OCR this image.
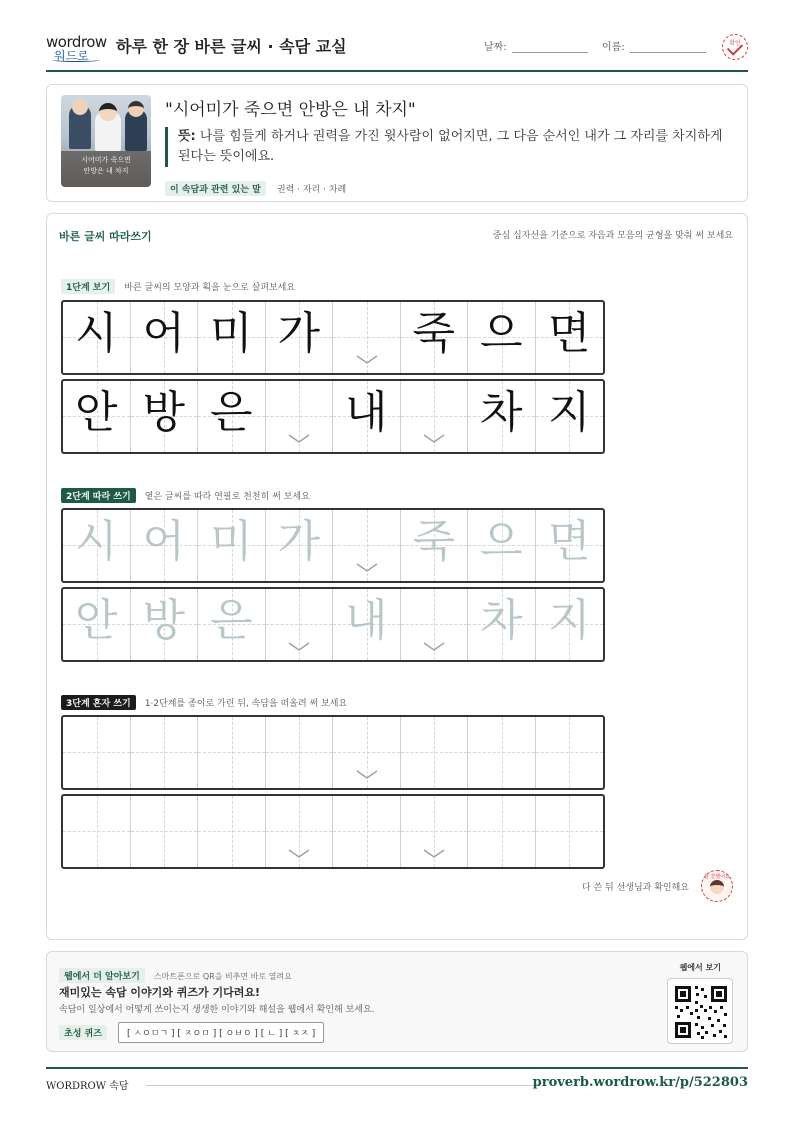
wordrow
워드로 하루 한 장 바른 글씨 · 속담 교실	날짜:	이름:	확인
시어미가 죽으면
안방은 내 차지
"시어미가 죽으면 안방은 내 차지"
뜻: 나를 힘들게 하거나 권력을 가진 윗사람이 없어지면, 그 다음 순서인 내가 그 자리를 차지하게 된다는 뜻이에요.
이 속담과 관련 있는 말 권력 · 자리 · 차례
바른 글씨 따라쓰기	중심 십자선을 기준으로 자음과 모음의 균형을 맞춰 써 보세요
1단계 보기 바른 글씨의 모양과 획을 눈으로 살펴보세요
시 어 미 가 죽 으 면
안 방 은 내 차 지
2단계 따라 쓰기 옅은 글씨를 따라 연필로 천천히 써 보세요
시 어 미 가 죽 으 면
안 방 은 내 차 지
3단계 혼자 쓰기 1·2단계를 종이로 가린 뒤, 속담을 떠올려 써 보세요
다 쓴 뒤 선생님과 확인해요
참 잘했어요
웹에서 더 알아보기 스마트폰으로 QR을 비추면 바로 열려요
재미있는 속담 이야기와 퀴즈가 기다려요!
속담이 일상에서 어떻게 쓰이는지 생생한 이야기와 해설을 웹에서 확인해 보세요.
초성 퀴즈	[ ㅅㅇㅁㄱ ] [ ㅈㅇㅁ ] [ ㅇㅂㅇ ] [ ㄴ ] [ ㅊㅈ ]
웹에서 보기
WORDROW 속담	proverb.wordrow.kr/p/522803
